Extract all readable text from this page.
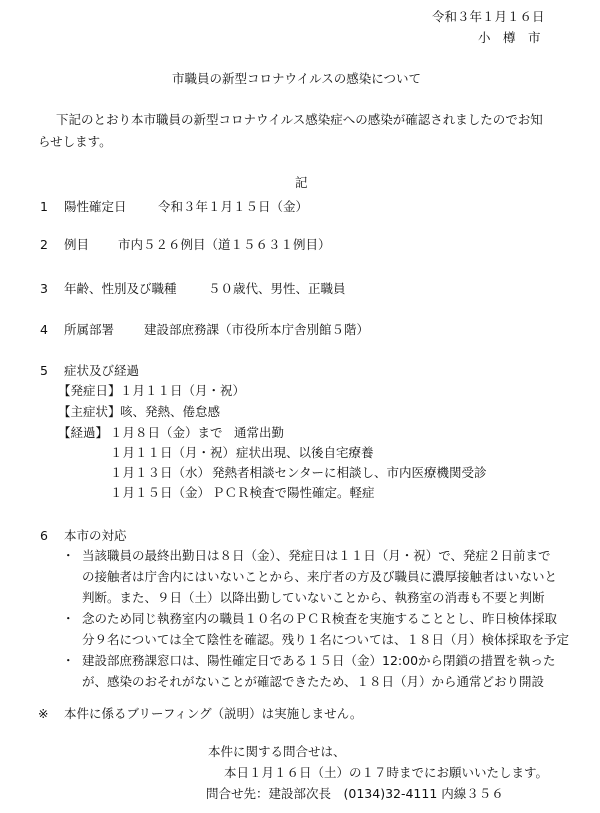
令和３年１月１６日
小　樽　市
市職員の新型コロナウイルスの感染について
下記のとおり本市職員の新型コロナウイルス感染症への感染が確認されましたのでお知
らせします。
記
1 陽性確定日	令和３年１月１５日（金）
2 例目 市内５２６例目（道１５６３１例目）
3 年齢、性別及び職種	５０歳代、男性、正職員
4 所属部署 建設部庶務課（市役所本庁舎別館５階）
5 症状及び経過
【発症日】 １月１１日（月・祝）
【主症状】 咳、発熱、倦怠感
【経過】 １月８日（金）まで 通常出勤
１月１１日（月・祝） 症状出現、以後自宅療養
１月１３日（水） 発熱者相談センターに相談し、市内医療機関受診
１月１５日（金） ＰＣＲ検査で陽性確定。軽症
6 本市の対応
・ 当該職員の最終出勤日は８日（金）、発症日は１１日（月・祝）で、発症２日前まで
の接触者は庁舎内にはいないことから、来庁者の方及び職員に濃厚接触者はいないと
判断。また、９日（土）以降出勤していないことから、執務室の消毒も不要と判断
・ 念のため同じ執務室内の職員１０名のＰＣＲ検査を実施することとし、昨日検体採取
分９名については全て陰性を確認。残り１名については、１８日（月）検体採取を予定
・ 建設部庶務課窓口は、陽性確定日である１５日（金）12:00から閉鎖の措置を執った
が、感染のおそれがないことが確認できたため、１８日（月）から通常どおり開設
※ 本件に係るブリーフィング（説明）は実施しません。
本件に関する問合せは、
本日１月１６日（土）の１７時までにお願いいたします。
問合せ先：建設部次長　(0134)32-4111 内線３５６
